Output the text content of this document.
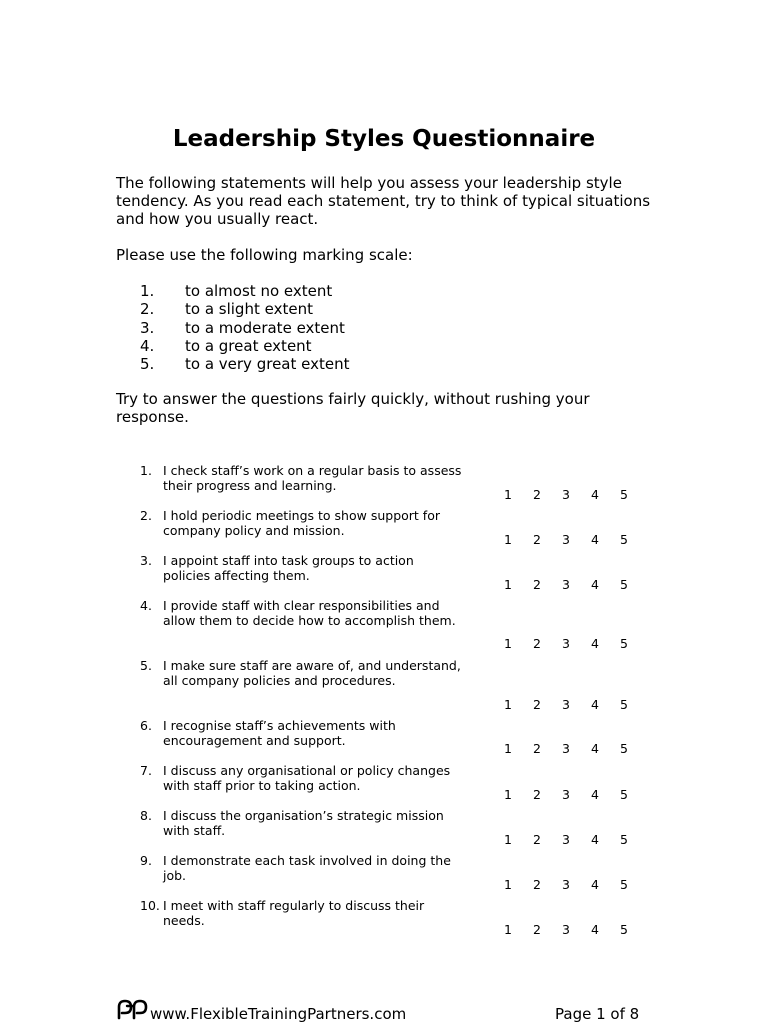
Leadership Styles Questionnaire

The following statements will help you assess your leadership style tendency. As you read each statement, try to think of typical situations and how you usually react.

Please use the following marking scale:

1.	to almost no extent
2.	to a slight extent
3.	to a moderate extent
4.	to a great extent
5.	to a very great extent

Try to answer the questions fairly quickly, without rushing your response.

1. I check staff’s work on a regular basis to assess their progress and learning.
1 2 3 4 5
2. I hold periodic meetings to show support for company policy and mission.
1 2 3 4 5
3. I appoint staff into task groups to action policies affecting them.
1 2 3 4 5
4. I provide staff with clear responsibilities and allow them to decide how to accomplish them.
1 2 3 4 5
5. I make sure staff are aware of, and understand, all company policies and procedures.
1 2 3 4 5
6. I recognise staff’s achievements with encouragement and support.
1 2 3 4 5
7. I discuss any organisational or policy changes with staff prior to taking action.
1 2 3 4 5
8. I discuss the organisation’s strategic mission with staff.
1 2 3 4 5
9. I demonstrate each task involved in doing the job.
1 2 3 4 5
10. I meet with staff regularly to discuss their needs.
1 2 3 4 5
www.FlexibleTrainingPartners.com	Page 1 of 8
